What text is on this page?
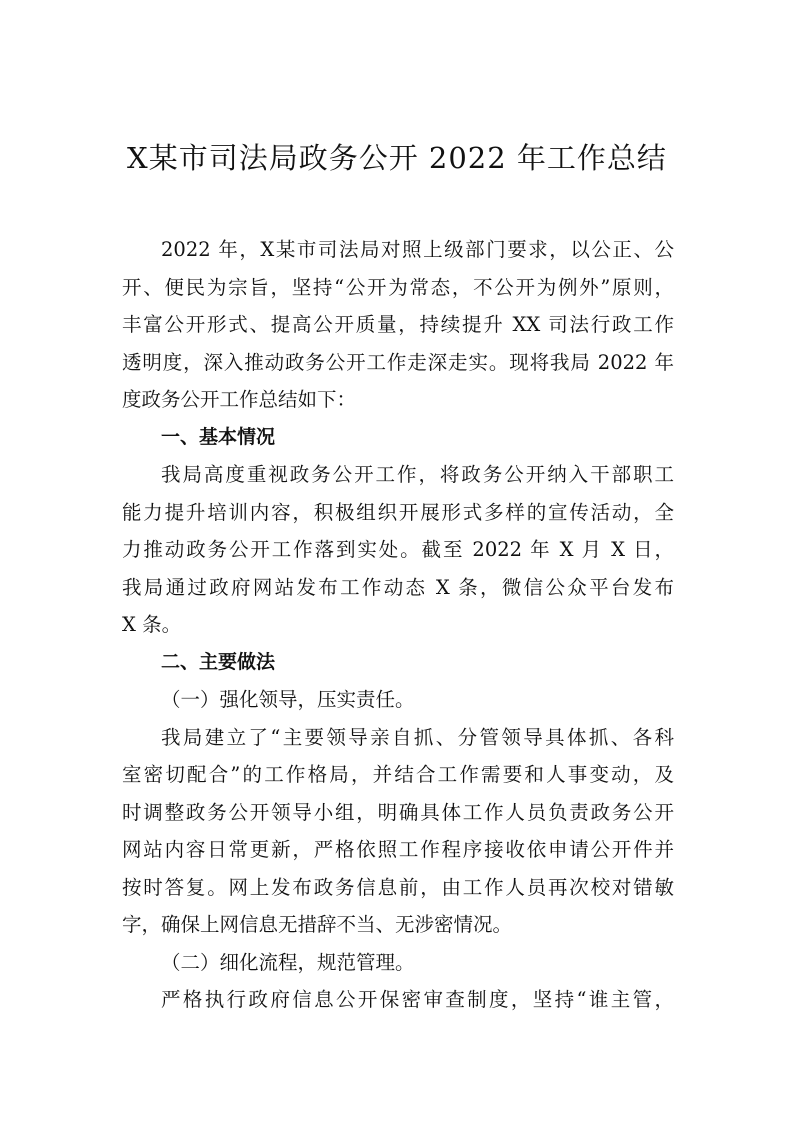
X某市司法局政务公开 2022 年工作总结
2022 年，X某市司法局对照上级部门要求，以公正、公
开、便民为宗旨，坚持“公开为常态，不公开为例外”原则，
丰富公开形式、提高公开质量，持续提升 XX 司法行政工作
透明度，深入推动政务公开工作走深走实。现将我局 2022 年
度政务公开工作总结如下：
一、基本情况
我局高度重视政务公开工作，将政务公开纳入干部职工
能力提升培训内容，积极组织开展形式多样的宣传活动，全
力推动政务公开工作落到实处。截至 2022 年 X 月 X 日，
我局通过政府网站发布工作动态 X 条，微信公众平台发布
X 条。
二、主要做法
（一）强化领导，压实责任。
我局建立了“主要领导亲自抓、分管领导具体抓、各科
室密切配合”的工作格局，并结合工作需要和人事变动，及
时调整政务公开领导小组，明确具体工作人员负责政务公开
网站内容日常更新，严格依照工作程序接收依申请公开件并
按时答复。网上发布政务信息前，由工作人员再次校对错敏
字，确保上网信息无措辞不当、无涉密情况。
（二）细化流程，规范管理。
严格执行政府信息公开保密审查制度，坚持“谁主管，
